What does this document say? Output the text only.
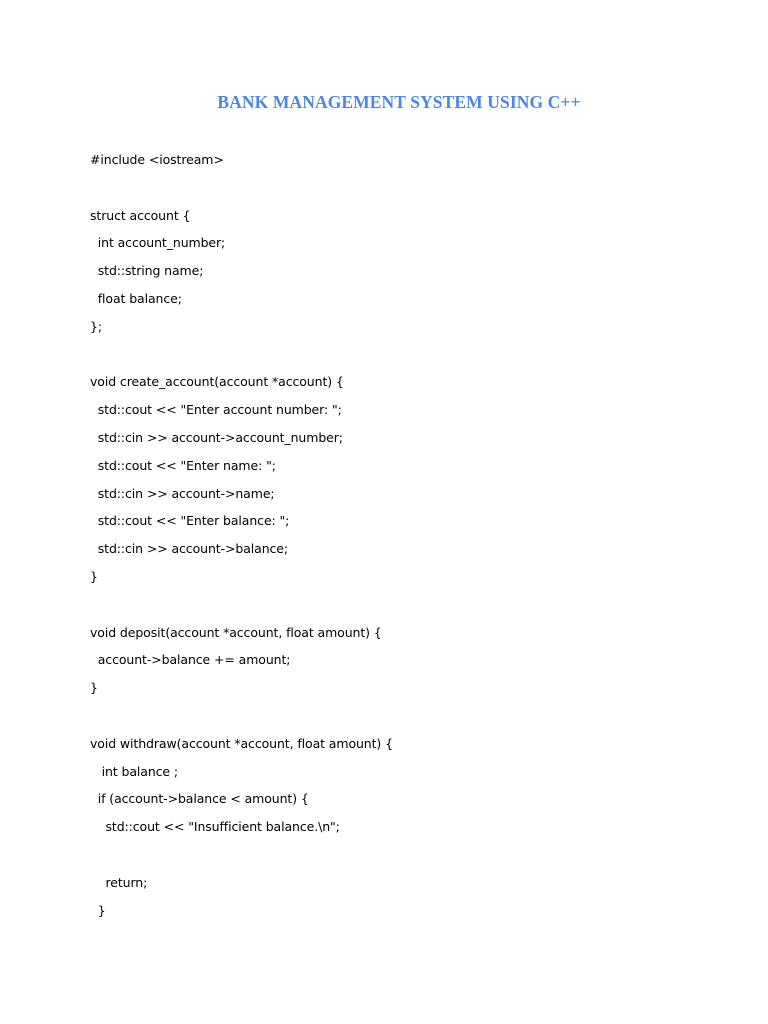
BANK MANAGEMENT SYSTEM USING C++
#include <iostream>
struct account {
int account_number;
std::string name;
float balance;
};
void create_account(account *account) {
std::cout << "Enter account number: ";
std::cin >> account->account_number;
std::cout << "Enter name: ";
std::cin >> account->name;
std::cout << "Enter balance: ";
std::cin >> account->balance;
}
void deposit(account *account, float amount) {
account->balance += amount;
}
void withdraw(account *account, float amount) {
int balance ;
if (account->balance < amount) {
std::cout << "Insufficient balance.\n";
return;
}
